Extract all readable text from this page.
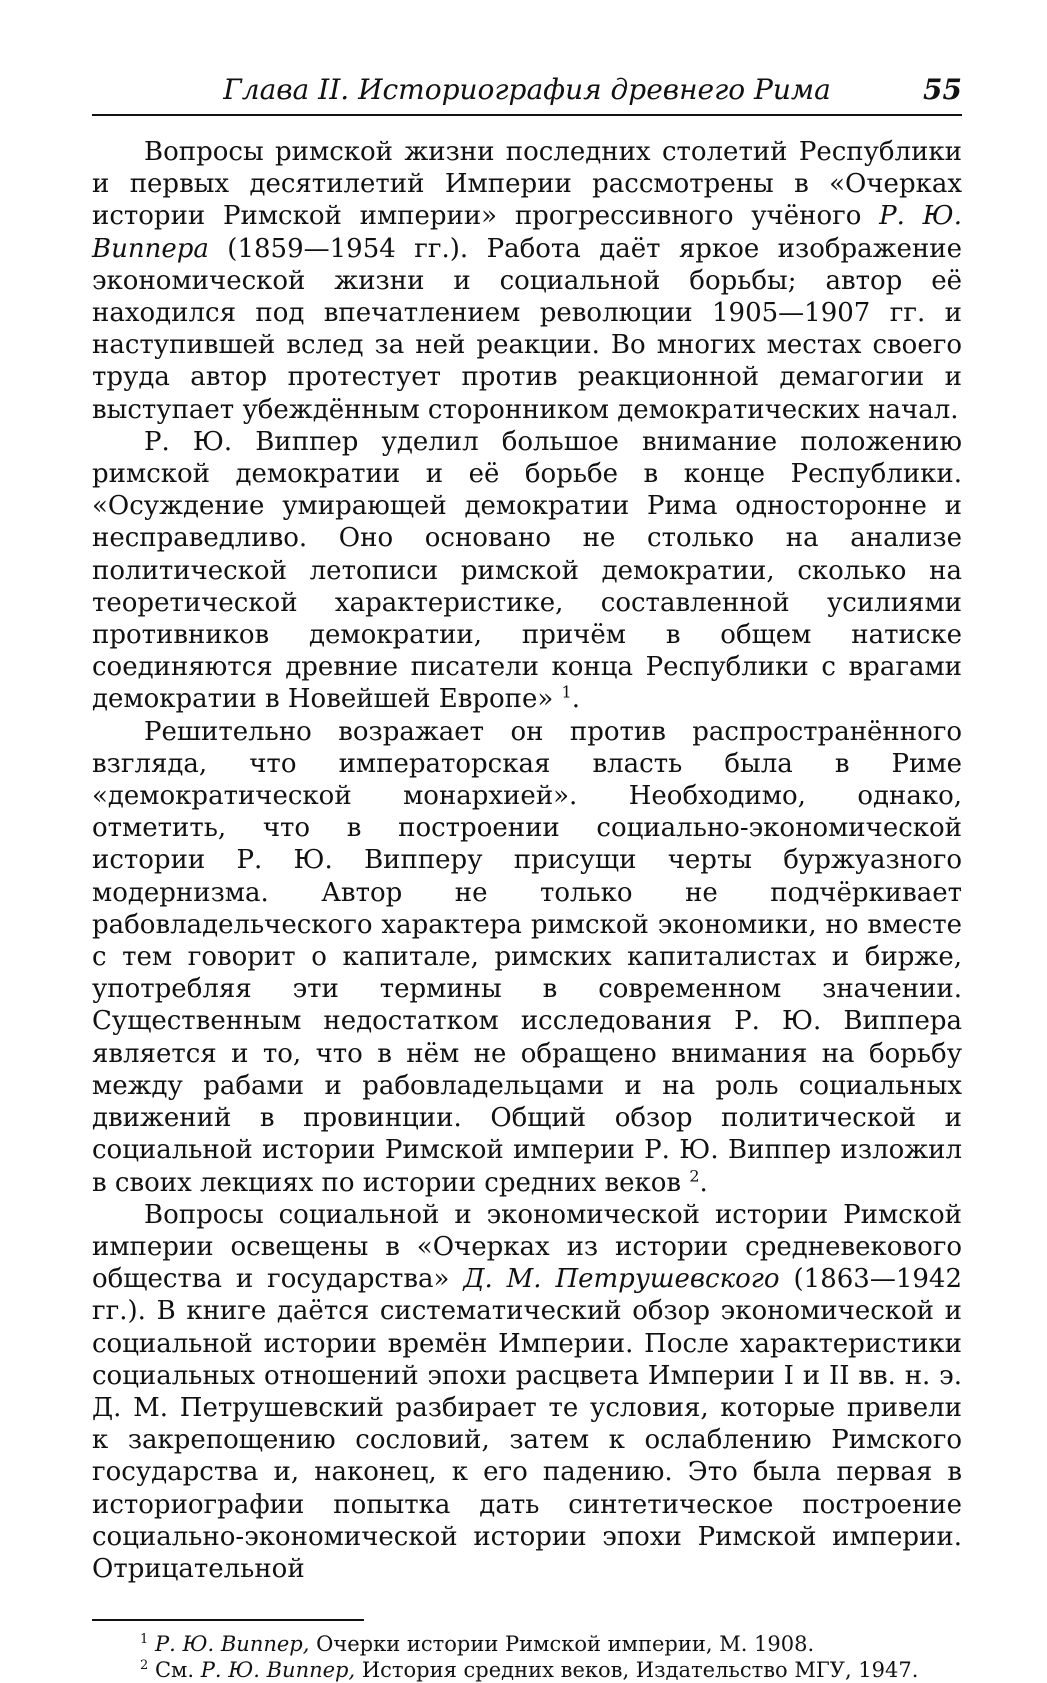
Глава II. Историография древнего Рима	55

Вопросы римской жизни последних столетий Республики и первых десятилетий Империи рассмотрены в «Очерках истории Римской империи» прогрессивного учёного Р. Ю. Виппера (1859—1954 гг.). Работа даёт яркое изображение экономической жизни и социальной борьбы; автор её находился под впечатлением революции 1905—1907 гг. и наступившей вслед за ней реакции. Во многих местах своего труда автор протестует против реакционной демагогии и выступает убеждённым сторонником демократических начал.

Р. Ю. Виппер уделил большое внимание положению римской демократии и её борьбе в конце Республики. «Осуждение умирающей демократии Рима односторонне и несправедливо. Оно основано не столько на анализе политической летописи римской демократии, сколько на теоретической характеристике, составленной усилиями противников демократии, причём в общем натиске соединяются древние писатели конца Республики с врагами демократии в Новейшей Европе» $^1$.

Решительно возражает он против распространённого взгляда, что императорская власть была в Риме «демократической монархией». Необходимо, однако, отметить, что в построении социально-экономической истории Р. Ю. Випперу присущи черты буржуазного модернизма. Автор не только не подчёркивает рабовладельческого характера римской экономики, но вместе с тем говорит о капитале, римских капиталистах и бирже, употребляя эти термины в современном значении. Существенным недостатком исследования Р. Ю. Виппера является и то, что в нём не обращено внимания на борьбу между рабами и рабовладельцами и на роль социальных движений в провинции. Общий обзор политической и социальной истории Римской империи Р. Ю. Виппер изложил в своих лекциях по истории средних веков $^2$.

Вопросы социальной и экономической истории Римской империи освещены в «Очерках из истории средневекового общества и государства» Д. М. Петрушевского (1863—1942 гг.). В книге даётся систематический обзор экономической и социальной истории времён Империи. После характеристики социальных отношений эпохи расцвета Империи I и II вв. н. э. Д. М. Петрушевский разбирает те условия, которые привели к закрепощению сословий, затем к ослаблению Римского государства и, наконец, к его падению. Это была первая в историографии попытка дать синтетическое построение социально-экономической истории эпохи Римской империи. Отрицательной

$^1$ Р. Ю. Виппер, Очерки истории Римской империи, М. 1908.

$^2$ См. Р. Ю. Виппер, История средних веков, Издательство МГУ, 1947.
